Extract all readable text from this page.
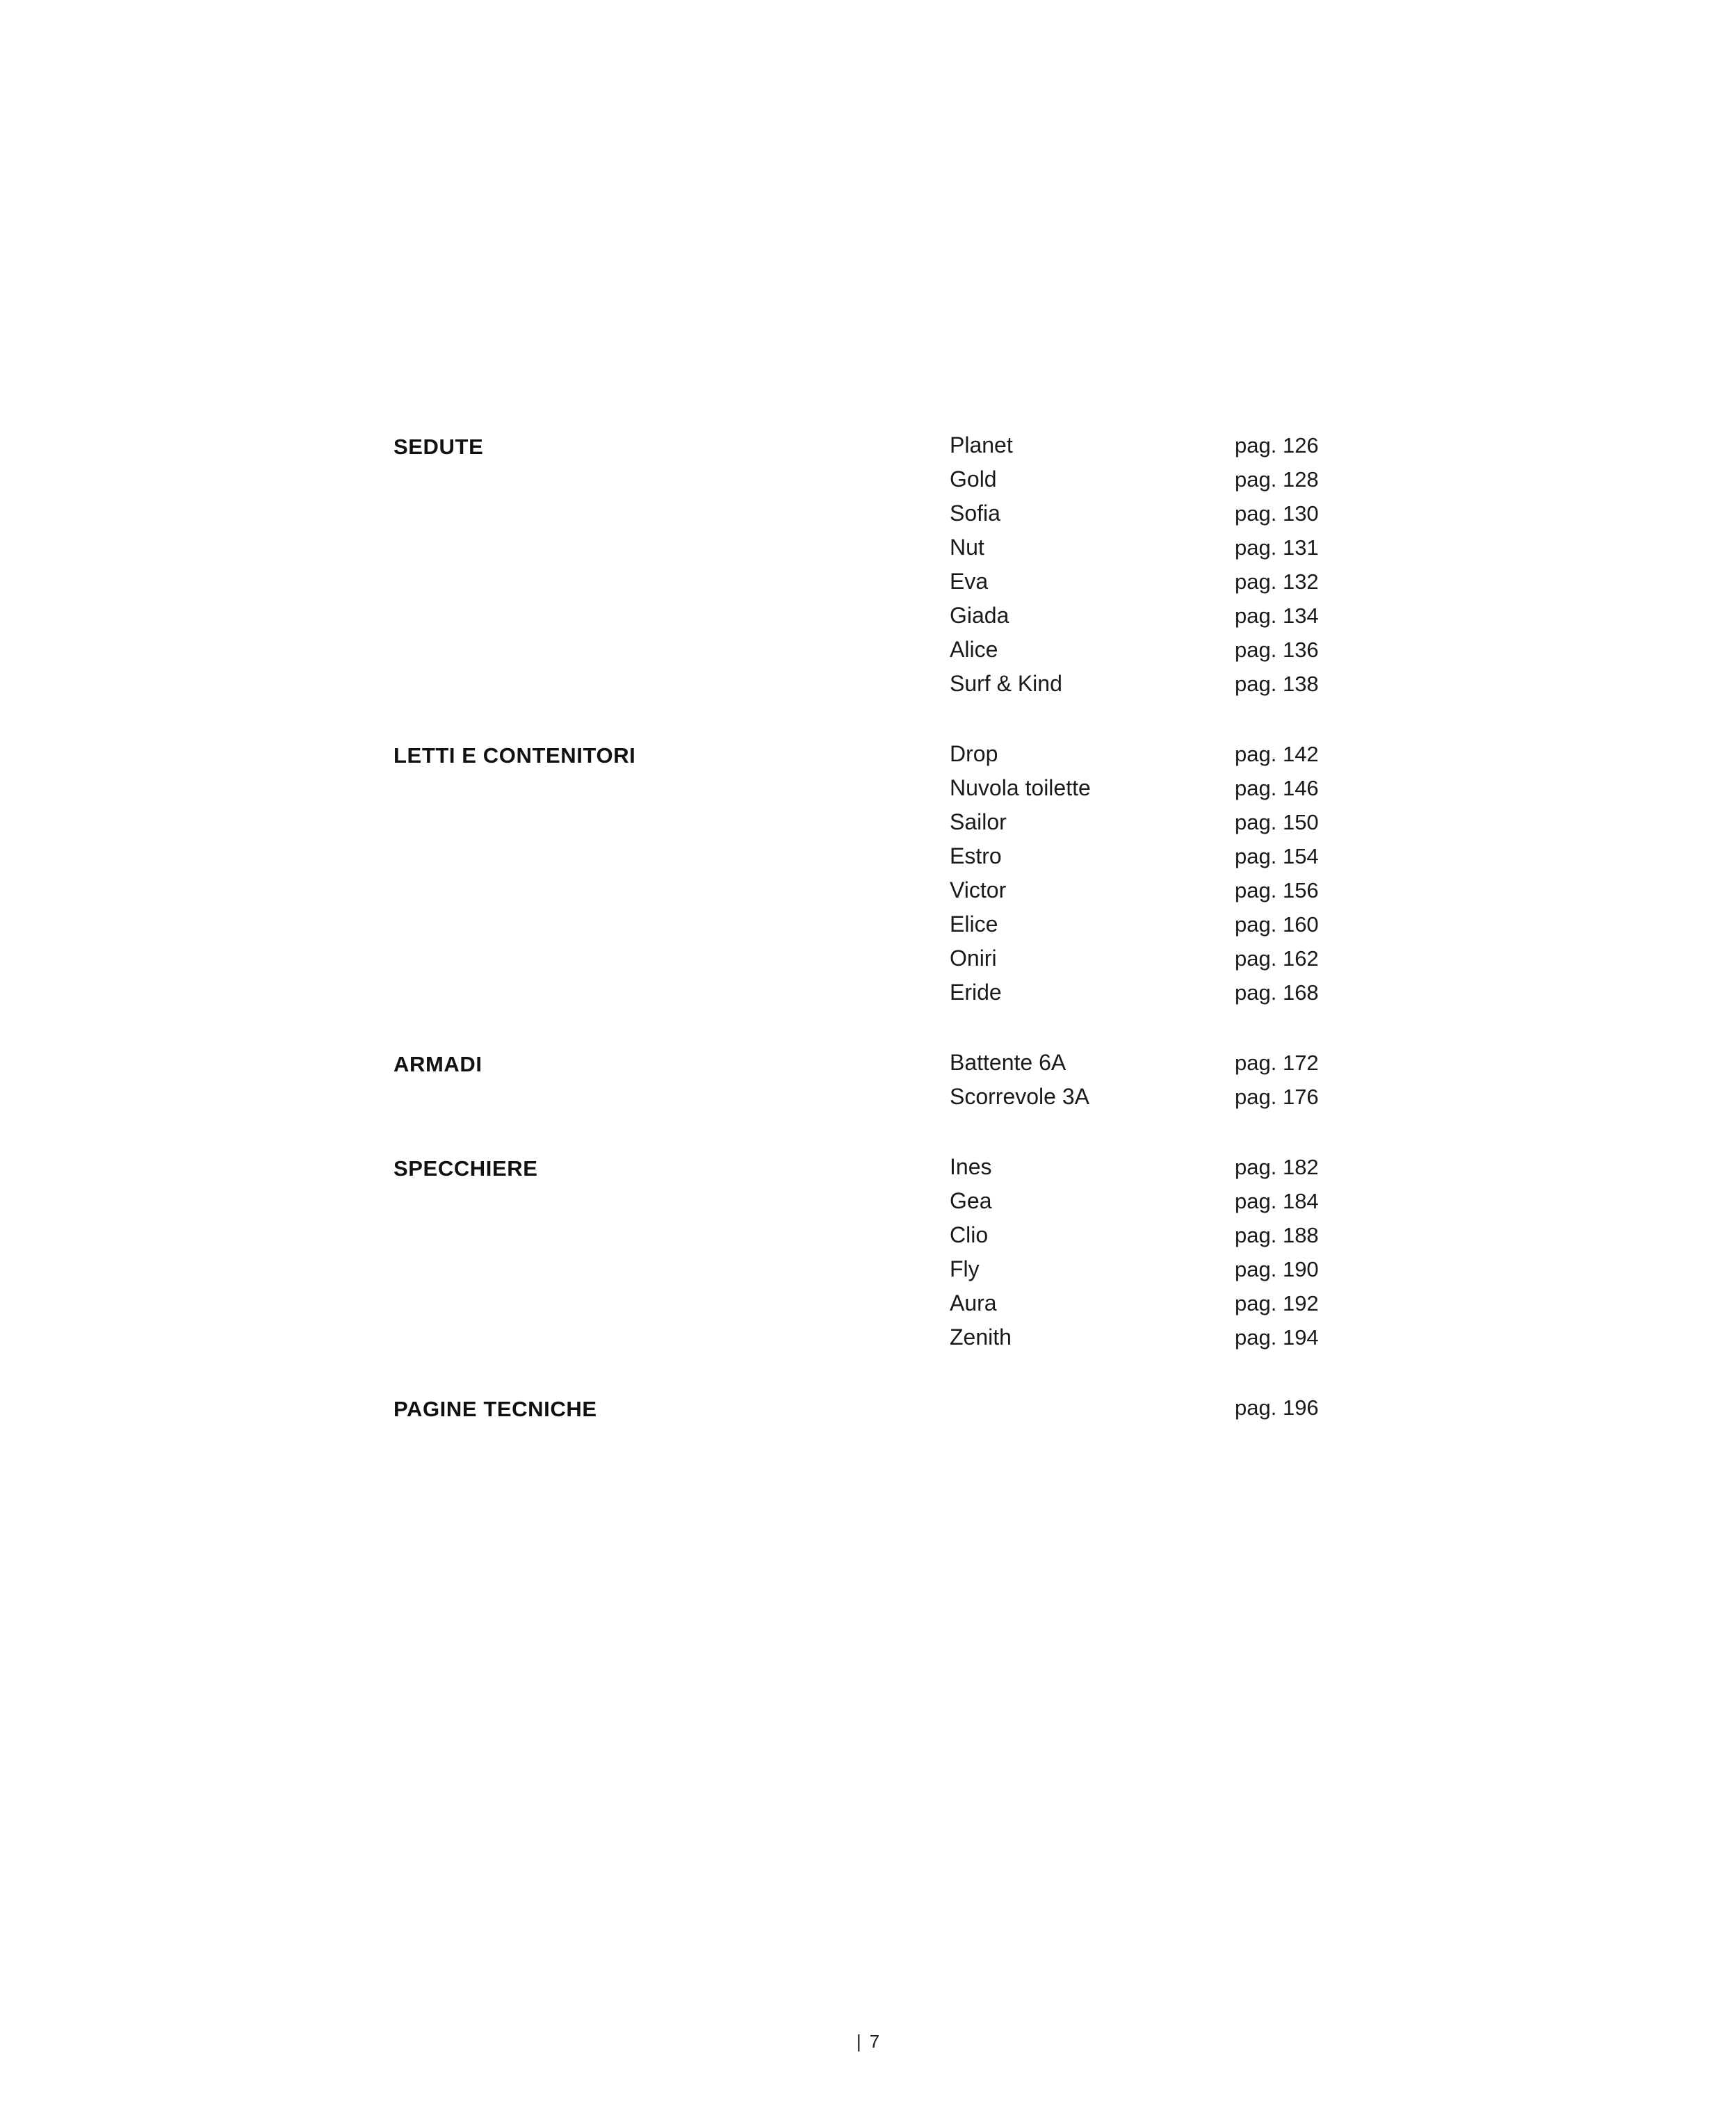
SEDUTE	Planet	pag. 126
Gold	pag. 128
Sofia	pag. 130
Nut	pag. 131
Eva	pag. 132
Giada	pag. 134
Alice	pag. 136
Surf & Kind	pag. 138
LETTI E CONTENITORI	Drop	pag. 142
Nuvola toilette	pag. 146
Sailor	pag. 150
Estro	pag. 154
Victor	pag. 156
Elice	pag. 160
Oniri	pag. 162
Eride	pag. 168
ARMADI	Battente 6A	pag. 172
Scorrevole 3A	pag. 176
SPECCHIERE	Ines	pag. 182
Gea	pag. 184
Clio	pag. 188
Fly	pag. 190
Aura	pag. 192
Zenith	pag. 194
PAGINE TECNICHE	pag. 196
| 7
